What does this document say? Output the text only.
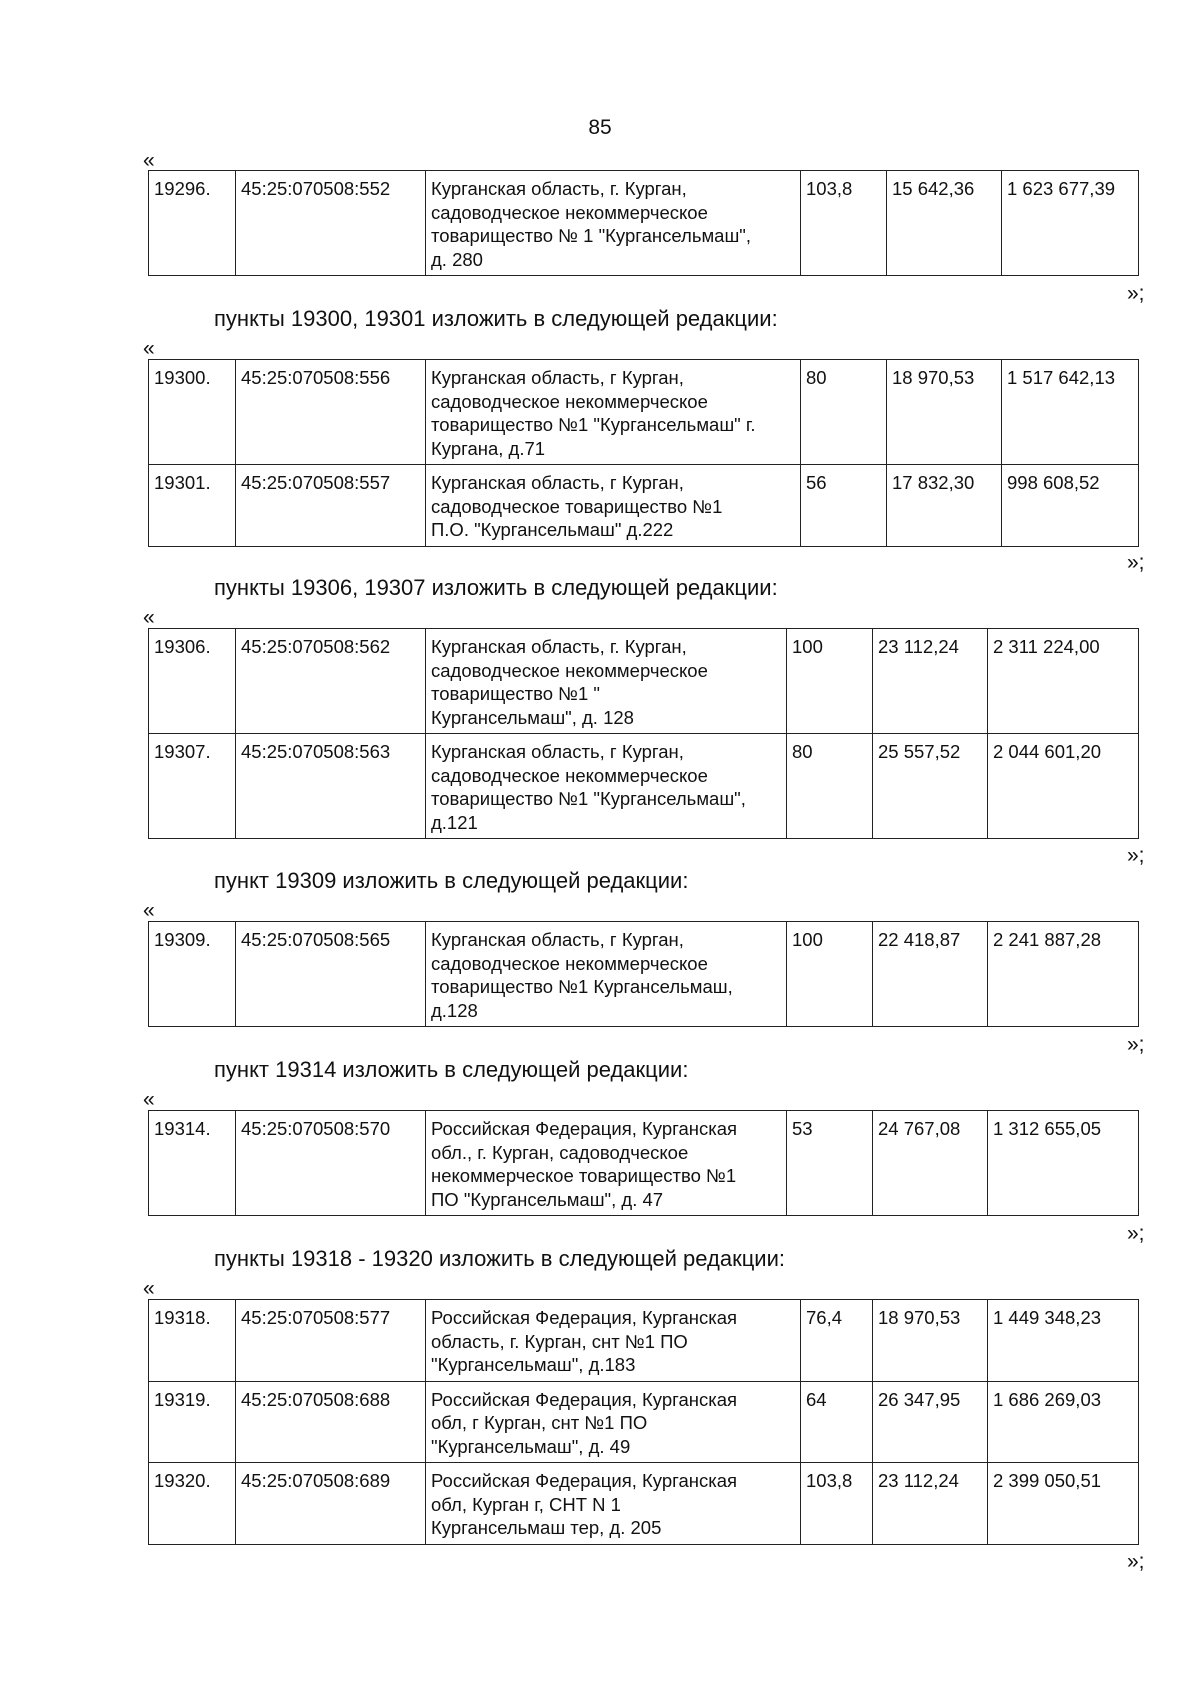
85
«
19296.	45:25:070508:552	Курганская область, г. Курган,
садоводческое некоммерческое
товарищество № 1 "Кургансельмаш",
д. 280	103,8	15 642,36	1 623 677,39
»;
пункты 19300, 19301 изложить в следующей редакции:
«
19300.	45:25:070508:556	Курганская область, г Курган,
садоводческое некоммерческое
товарищество №1 "Кургансельмаш" г.
Кургана, д.71	80	18 970,53	1 517 642,13
19301.	45:25:070508:557	Курганская область, г Курган,
садоводческое товарищество №1
П.О. "Кургансельмаш" д.222	56	17 832,30	998 608,52
»;
пункты 19306, 19307 изложить в следующей редакции:
«
19306.	45:25:070508:562	Курганская область, г. Курган,
садоводческое некоммерческое
товарищество №1 "
Кургансельмаш", д. 128	100	23 112,24	2 311 224,00
19307.	45:25:070508:563	Курганская область, г Курган,
садоводческое некоммерческое
товарищество №1 "Кургансельмаш",
д.121	80	25 557,52	2 044 601,20
»;
пункт 19309 изложить в следующей редакции:
«
19309.	45:25:070508:565	Курганская область, г Курган,
садоводческое некоммерческое
товарищество №1 Кургансельмаш,
д.128	100	22 418,87	2 241 887,28
»;
пункт 19314 изложить в следующей редакции:
«
19314.	45:25:070508:570	Российская Федерация, Курганская
обл., г. Курган, садоводческое
некоммерческое товарищество №1
ПО "Кургансельмаш", д. 47	53	24 767,08	1 312 655,05
»;
пункты 19318 - 19320 изложить в следующей редакции:
«
19318.	45:25:070508:577	Российская Федерация, Курганская
область, г. Курган, снт №1 ПО
"Кургансельмаш", д.183	76,4	18 970,53	1 449 348,23
19319.	45:25:070508:688	Российская Федерация, Курганская
обл, г Курган, снт №1 ПО
"Кургансельмаш", д. 49	64	26 347,95	1 686 269,03
19320.	45:25:070508:689	Российская Федерация, Курганская
обл, Курган г, СНТ N 1
Кургансельмаш тер, д. 205	103,8	23 112,24	2 399 050,51
»;
